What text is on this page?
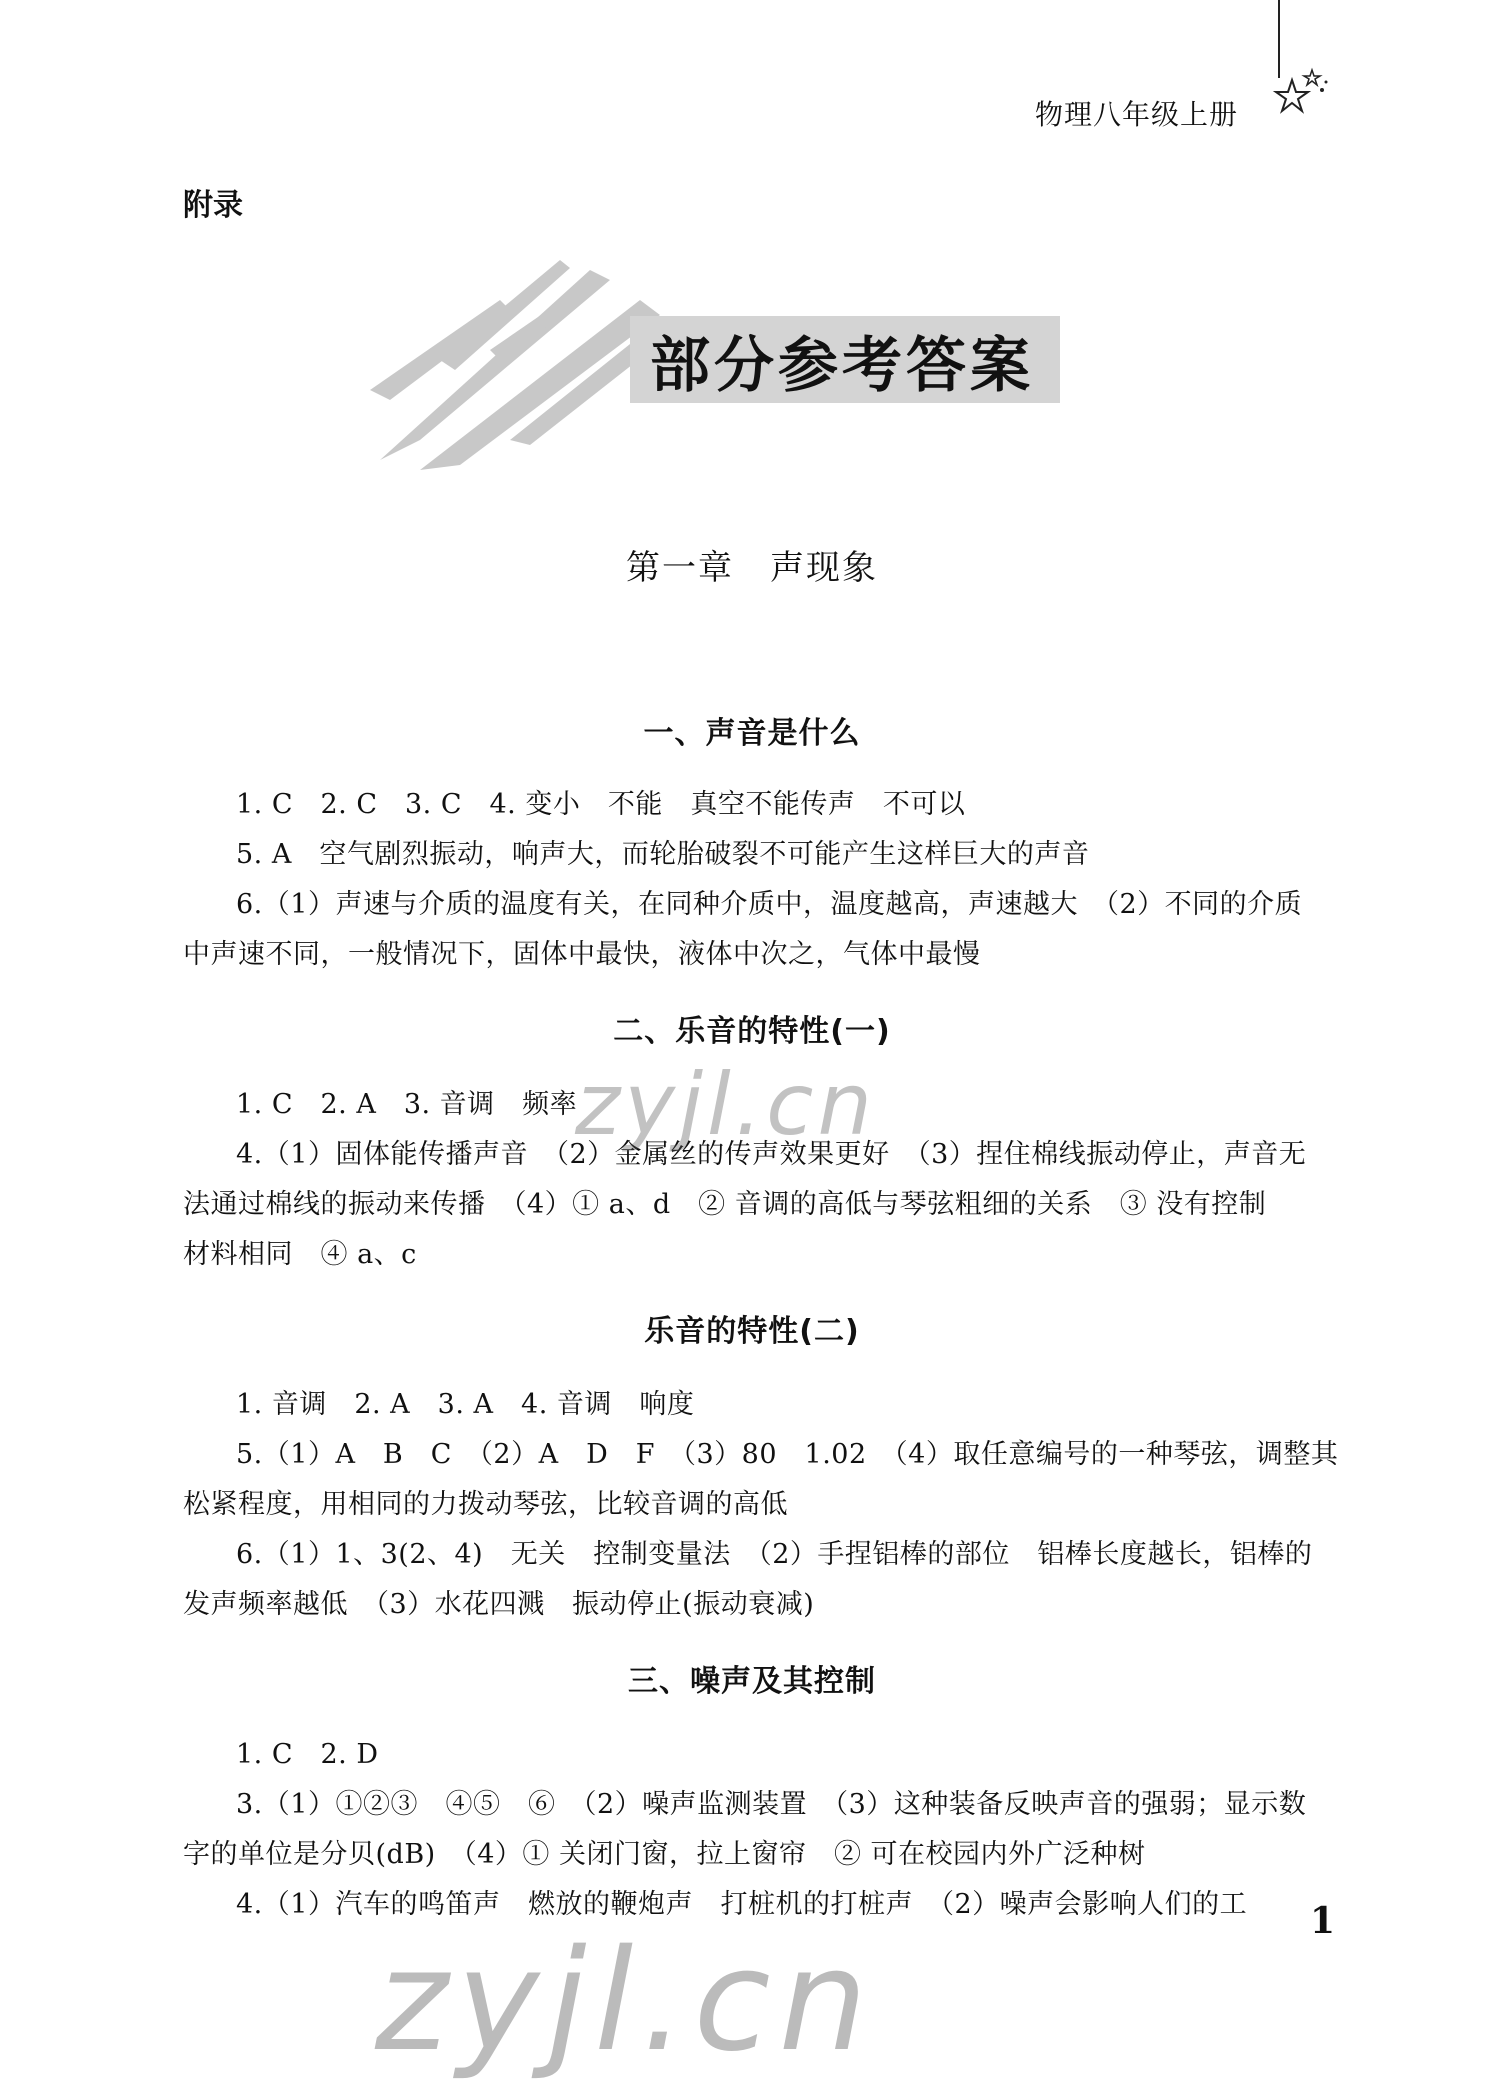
物理八年级上册
附录
部分参考答案
第一章　声现象
一、声音是什么
1. C　2. C　3. C　4. 变小　不能　真空不能传声　不可以
5. A　空气剧烈振动，响声大，而轮胎破裂不可能产生这样巨大的声音
6.（1）声速与介质的温度有关，在同种介质中，温度越高，声速越大　（2）不同的介质
中声速不同，一般情况下，固体中最快，液体中次之，气体中最慢
二、乐音的特性(一)
1. C　2. A　3. 音调　频率
4.（1）固体能传播声音　（2）金属丝的传声效果更好　（3）捏住棉线振动停止，声音无
法通过棉线的振动来传播　（4）① a、d　② 音调的高低与琴弦粗细的关系　③ 没有控制
材料相同　④ a、c
乐音的特性(二)
1. 音调　2. A　3. A　4. 音调　响度
5.（1）A　B　C　（2）A　D　F　（3）80　1.02　（4）取任意编号的一种琴弦，调整其
松紧程度，用相同的力拨动琴弦，比较音调的高低
6.（1）1、3(2、4)　无关　控制变量法　（2）手捏铝棒的部位　铝棒长度越长，铝棒的
发声频率越低　（3）水花四溅　振动停止(振动衰减)
三、噪声及其控制
1. C　2. D
3.（1）①②③　④⑤　⑥　（2）噪声监测装置　（3）这种装备反映声音的强弱；显示数
字的单位是分贝(dB)　（4）① 关闭门窗，拉上窗帘　② 可在校园内外广泛种树
4.（1）汽车的鸣笛声　燃放的鞭炮声　打桩机的打桩声　（2）噪声会影响人们的工
zyjl.cn
1
zyjl.cn
